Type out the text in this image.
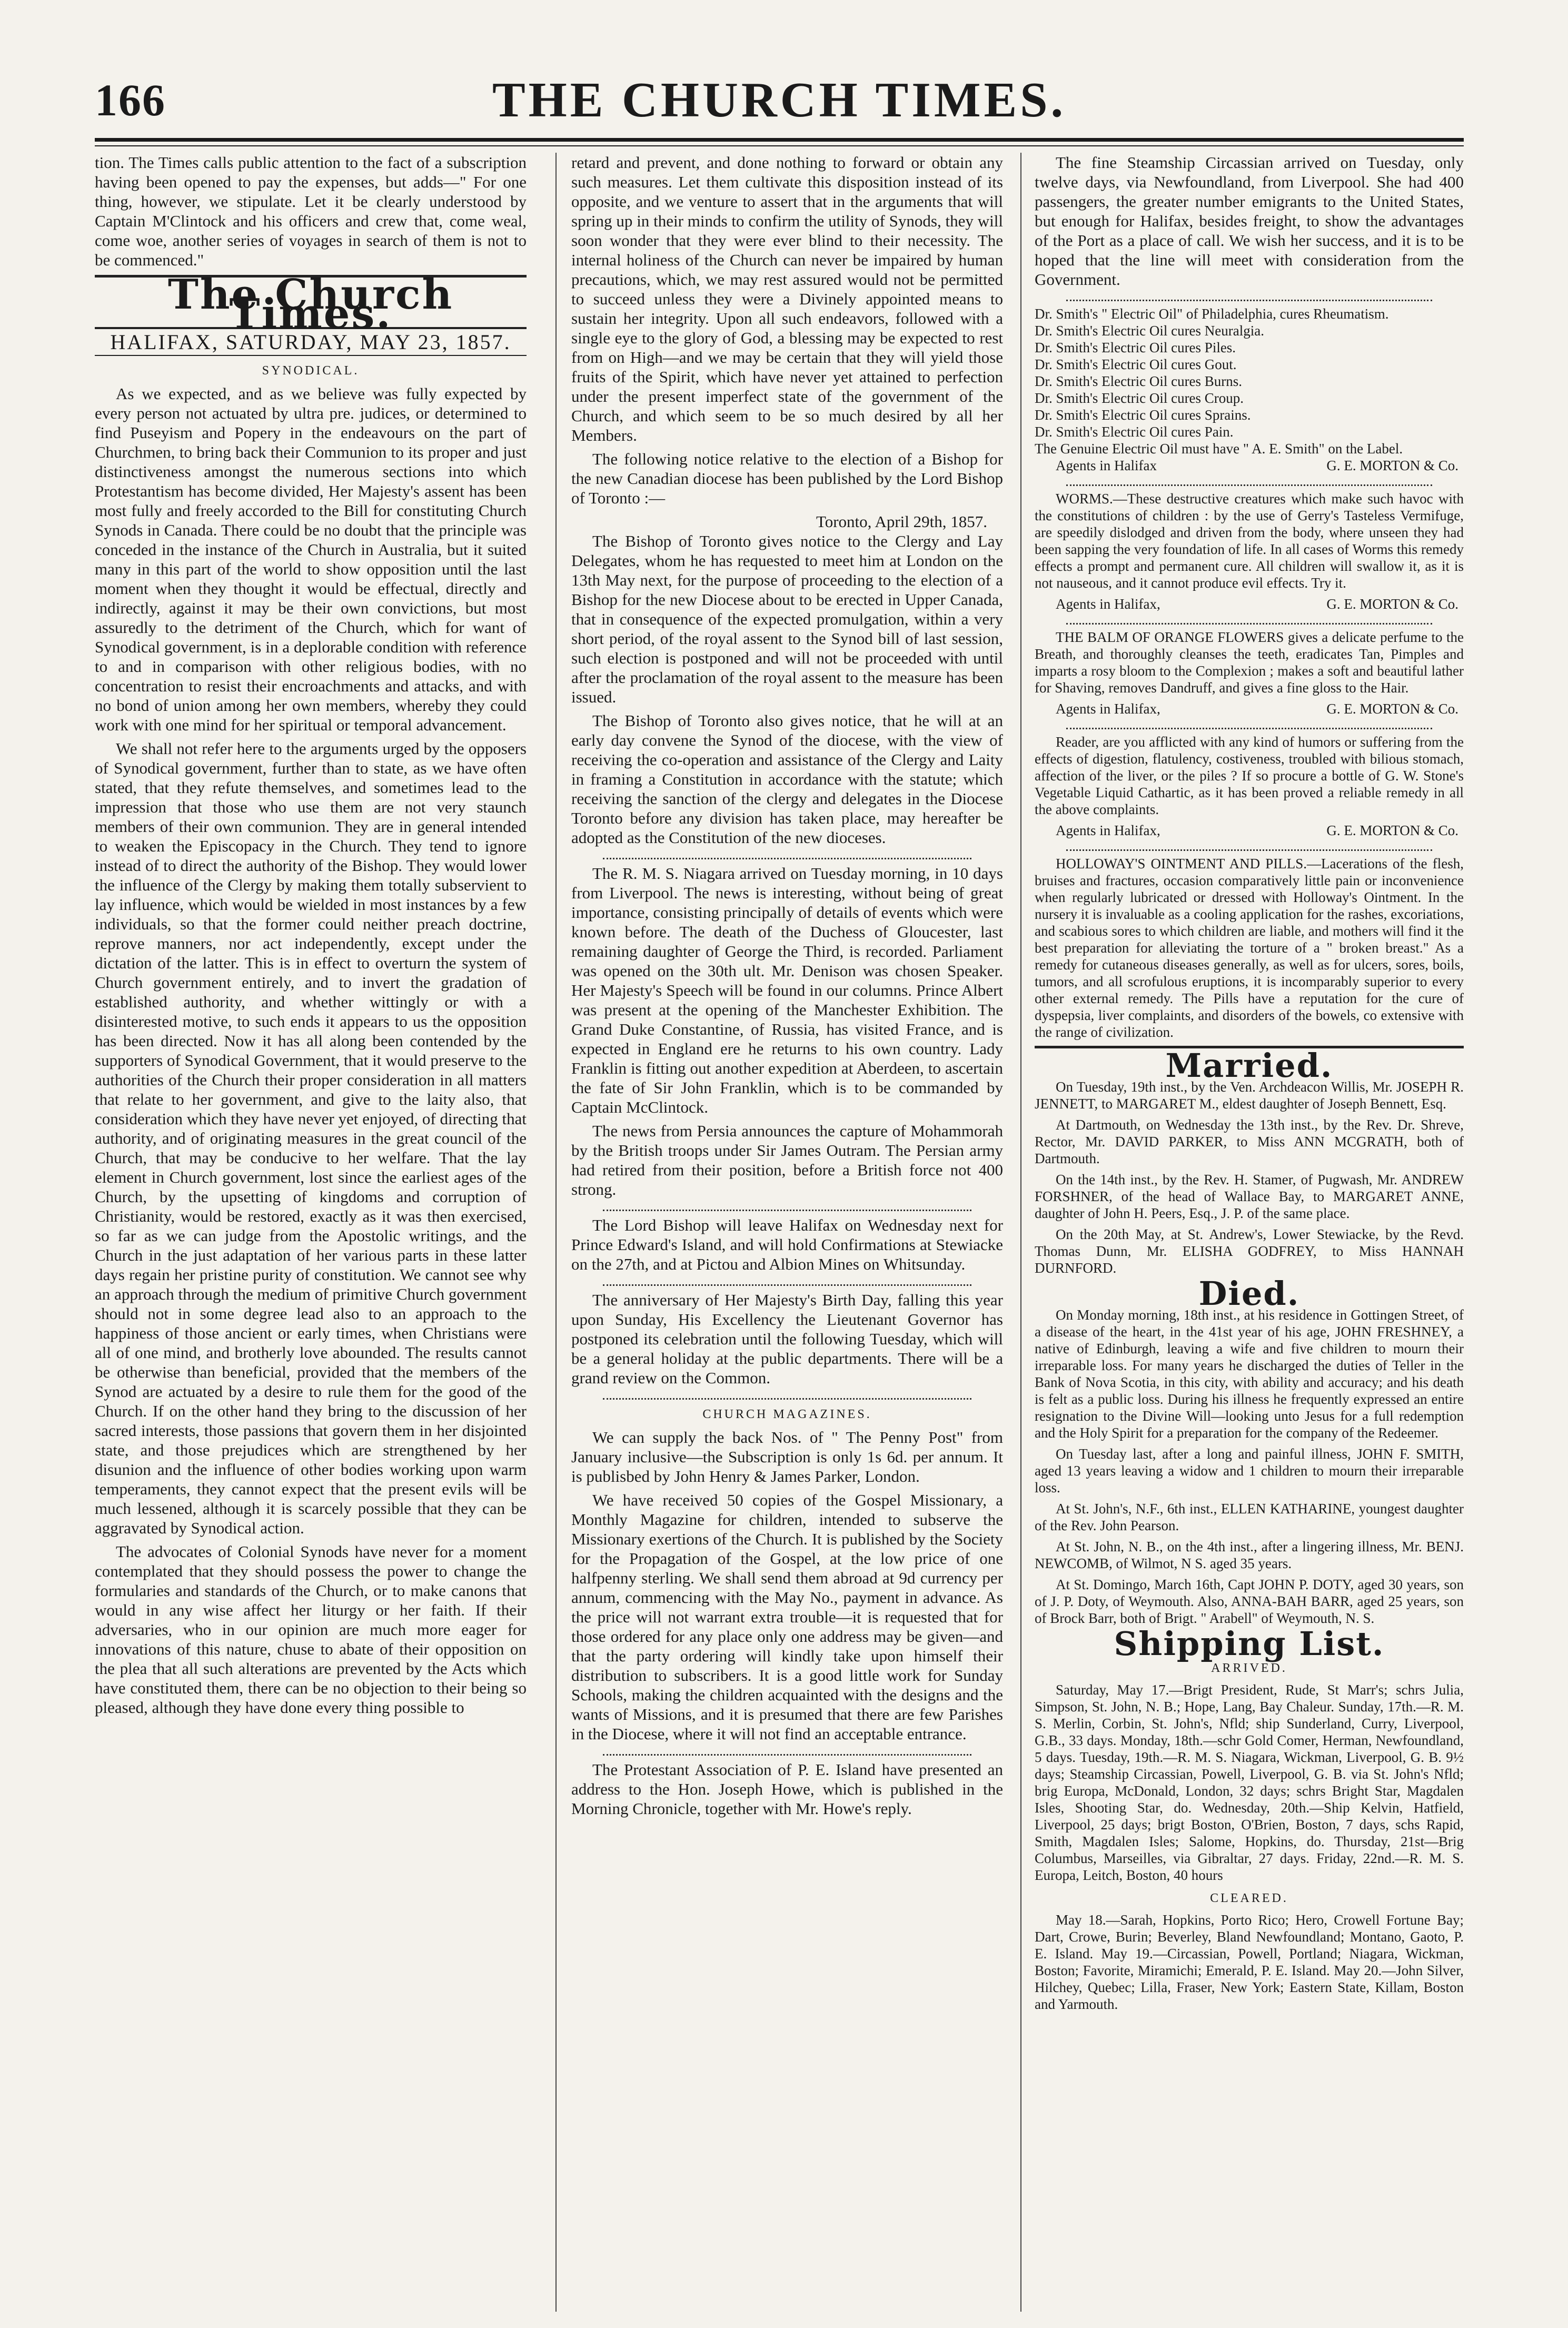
166	THE CHURCH TIMES.

tion. The Times calls public attention to the fact of a subscription having been opened to pay the expenses, but adds—" For one thing, however, we stipulate. Let it be clearly understood by Captain M'Clintock and his officers and crew that, come weal, come woe, another series of voyages in search of them is not to be commenced."

The Church Times.
HALIFAX, SATURDAY, MAY 23, 1857.
SYNODICAL.

As we expected, and as we believe was fully expected by every person not actuated by ultra pre. judices, or determined to find Puseyism and Popery in the endeavours on the part of Churchmen, to bring back their Communion to its proper and just distinctiveness amongst the numerous sections into which Protestantism has become divided, Her Majesty's assent has been most fully and freely accorded to the Bill for constituting Church Synods in Canada. There could be no doubt that the principle was conceded in the instance of the Church in Australia, but it suited many in this part of the world to show opposition until the last moment when they thought it would be effectual, directly and indirectly, against it may be their own convictions, but most assuredly to the detriment of the Church, which for want of Synodical government, is in a deplorable condition with reference to and in comparison with other religious bodies, with no concentration to resist their encroachments and attacks, and with no bond of union among her own members, whereby they could work with one mind for her spiritual or temporal advancement.

We shall not refer here to the arguments urged by the opposers of Synodical government, further than to state, as we have often stated, that they refute themselves, and sometimes lead to the impression that those who use them are not very staunch members of their own communion. They are in general intended to weaken the Episcopacy in the Church. They tend to ignore instead of to direct the authority of the Bishop. They would lower the influence of the Clergy by making them totally subservient to lay influence, which would be wielded in most instances by a few individuals, so that the former could neither preach doctrine, reprove manners, nor act independently, except under the dictation of the latter. This is in effect to overturn the system of Church government entirely, and to invert the gradation of established authority, and whether wittingly or with a disinterested motive, to such ends it appears to us the opposition has been directed. Now it has all along been contended by the supporters of Synodical Government, that it would preserve to the authorities of the Church their proper consideration in all matters that relate to her government, and give to the laity also, that consideration which they have never yet enjoyed, of directing that authority, and of originating measures in the great council of the Church, that may be conducive to her welfare. That the lay element in Church government, lost since the earliest ages of the Church, by the upsetting of kingdoms and corruption of Christianity, would be restored, exactly as it was then exercised, so far as we can judge from the Apostolic writings, and the Church in the just adaptation of her various parts in these latter days regain her pristine purity of constitution. We cannot see why an approach through the medium of primitive Church government should not in some degree lead also to an approach to the happiness of those ancient or early times, when Christians were all of one mind, and brotherly love abounded. The results cannot be otherwise than beneficial, provided that the members of the Synod are actuated by a desire to rule them for the good of the Church. If on the other hand they bring to the discussion of her sacred interests, those passions that govern them in her disjointed state, and those prejudices which are strengthened by her disunion and the influence of other bodies working upon warm temperaments, they cannot expect that the present evils will be much lessened, although it is scarcely possible that they can be aggravated by Synodical action.

The advocates of Colonial Synods have never for a moment contemplated that they should possess the power to change the formularies and standards of the Church, or to make canons that would in any wise affect her liturgy or her faith. If their adversaries, who in our opinion are much more eager for innovations of this nature, chuse to abate of their opposition on the plea that all such alterations are prevented by the Acts which have constituted them, there can be no objection to their being so pleased, although they have done every thing possible to

retard and prevent, and done nothing to forward or obtain any such measures. Let them cultivate this disposition instead of its opposite, and we venture to assert that in the arguments that will spring up in their minds to confirm the utility of Synods, they will soon wonder that they were ever blind to their necessity. The internal holiness of the Church can never be impaired by human precautions, which, we may rest assured would not be permitted to succeed unless they were a Divinely appointed means to sustain her integrity. Upon all such endeavors, followed with a single eye to the glory of God, a blessing may be expected to rest from on High—and we may be certain that they will yield those fruits of the Spirit, which have never yet attained to perfection under the present imperfect state of the government of the Church, and which seem to be so much desired by all her Members.

The following notice relative to the election of a Bishop for the new Canadian diocese has been published by the Lord Bishop of Toronto :—

Toronto, April 29th, 1857.

The Bishop of Toronto gives notice to the Clergy and Lay Delegates, whom he has requested to meet him at London on the 13th May next, for the purpose of proceeding to the election of a Bishop for the new Diocese about to be erected in Upper Canada, that in consequence of the expected promulgation, within a very short period, of the royal assent to the Synod bill of last session, such election is postponed and will not be proceeded with until after the proclamation of the royal assent to the measure has been issued.

The Bishop of Toronto also gives notice, that he will at an early day convene the Synod of the diocese, with the view of receiving the co-operation and assistance of the Clergy and Laity in framing a Constitution in accordance with the statute; which receiving the sanction of the clergy and delegates in the Diocese Toronto before any division has taken place, may hereafter be adopted as the Constitution of the new dioceses.

The R. M. S. Niagara arrived on Tuesday morning, in 10 days from Liverpool. The news is interesting, without being of great importance, consisting principally of details of events which were known before. The death of the Duchess of Gloucester, last remaining daughter of George the Third, is recorded. Parliament was opened on the 30th ult. Mr. Denison was chosen Speaker. Her Majesty's Speech will be found in our columns. Prince Albert was present at the opening of the Manchester Exhibition. The Grand Duke Constantine, of Russia, has visited France, and is expected in England ere he returns to his own country. Lady Franklin is fitting out another expedition at Aberdeen, to ascertain the fate of Sir John Franklin, which is to be commanded by Captain McClintock.

The news from Persia announces the capture of Mohammorah by the British troops under Sir James Outram. The Persian army had retired from their position, before a British force not 400 strong.

The Lord Bishop will leave Halifax on Wednesday next for Prince Edward's Island, and will hold Confirmations at Stewiacke on the 27th, and at Pictou and Albion Mines on Whitsunday.

The anniversary of Her Majesty's Birth Day, falling this year upon Sunday, His Excellency the Lieutenant Governor has postponed its celebration until the following Tuesday, which will be a general holiday at the public departments. There will be a grand review on the Common.

CHURCH MAGAZINES.

We can supply the back Nos. of " The Penny Post" from January inclusive—the Subscription is only 1s 6d. per annum. It is publisbed by John Henry & James Parker, London.

We have received 50 copies of the Gospel Missionary, a Monthly Magazine for children, intended to subserve the Missionary exertions of the Church. It is published by the Society for the Propagation of the Gospel, at the low price of one halfpenny sterling. We shall send them abroad at 9d currency per annum, commencing with the May No., payment in advance. As the price will not warrant extra trouble—it is requested that for those ordered for any place only one address may be given—and that the party ordering will kindly take upon himself their distribution to subscribers. It is a good little work for Sunday Schools, making the children acquainted with the designs and the wants of Missions, and it is presumed that there are few Parishes in the Diocese, where it will not find an acceptable entrance.

The Protestant Association of P. E. Island have presented an address to the Hon. Joseph Howe, which is published in the Morning Chronicle, together with Mr. Howe's reply.

The fine Steamship Circassian arrived on Tuesday, only twelve days, via Newfoundland, from Liverpool. She had 400 passengers, the greater number emigrants to the United States, but enough for Halifax, besides freight, to show the advantages of the Port as a place of call. We wish her success, and it is to be hoped that the line will meet with consideration from the Government.

Dr. Smith's " Electric Oil" of Philadelphia, cures Rheumatism.
Dr. Smith's Electric Oil cures Neuralgia.
Dr. Smith's Electric Oil cures Piles.
Dr. Smith's Electric Oil cures Gout.
Dr. Smith's Electric Oil cures Burns.
Dr. Smith's Electric Oil cures Croup.
Dr. Smith's Electric Oil cures Sprains.
Dr. Smith's Electric Oil cures Pain.
The Genuine Electric Oil must have " A. E. Smith" on the Label.
Agents in Halifax	G. E. MORTON & Co.

WORMS.—These destructive creatures which make such havoc with the constitutions of children : by the use of Gerry's Tasteless Vermifuge, are speedily dislodged and driven from the body, where unseen they had been sapping the very foundation of life. In all cases of Worms this remedy effects a prompt and permanent cure. All children will swallow it, as it is not nauseous, and it cannot produce evil effects. Try it.

Agents in Halifax,	G. E. MORTON & Co.

THE BALM OF ORANGE FLOWERS gives a delicate perfume to the Breath, and thoroughly cleanses the teeth, eradicates Tan, Pimples and imparts a rosy bloom to the Complexion ; makes a soft and beautiful lather for Shaving, removes Dandruff, and gives a fine gloss to the Hair.

Agents in Halifax,	G. E. MORTON & Co.

Reader, are you afflicted with any kind of humors or suffering from the effects of digestion, flatulency, costiveness, troubled with bilious stomach, affection of the liver, or the piles ? If so procure a bottle of G. W. Stone's Vegetable Liquid Cathartic, as it has been proved a reliable remedy in all the above complaints.

Agents in Halifax,	G. E. MORTON & Co.

HOLLOWAY'S OINTMENT AND PILLS.—Lacerations of the flesh, bruises and fractures, occasion comparatively little pain or inconvenience when regularly lubricated or dressed with Holloway's Ointment. In the nursery it is invaluable as a cooling application for the rashes, excoriations, and scabious sores to which children are liable, and mothers will find it the best preparation for alleviating the torture of a " broken breast." As a remedy for cutaneous diseases generally, as well as for ulcers, sores, boils, tumors, and all scrofulous eruptions, it is incomparably superior to every other external remedy. The Pills have a reputation for the cure of dyspepsia, liver complaints, and disorders of the bowels, co extensive with the range of civilization.

Married.

On Tuesday, 19th inst., by the Ven. Archdeacon Willis, Mr. JOSEPH R. JENNETT, to MARGARET M., eldest daughter of Joseph Bennett, Esq.

At Dartmouth, on Wednesday the 13th inst., by the Rev. Dr. Shreve, Rector, Mr. DAVID PARKER, to Miss ANN MCGRATH, both of Dartmouth.

On the 14th inst., by the Rev. H. Stamer, of Pugwash, Mr. ANDREW FORSHNER, of the head of Wallace Bay, to MARGARET ANNE, daughter of John H. Peers, Esq., J. P. of the same place.

On the 20th May, at St. Andrew's, Lower Stewiacke, by the Revd. Thomas Dunn, Mr. ELISHA GODFREY, to Miss HANNAH DURNFORD.

Died.

On Monday morning, 18th inst., at his residence in Gottingen Street, of a disease of the heart, in the 41st year of his age, JOHN FRESHNEY, a native of Edinburgh, leaving a wife and five children to mourn their irreparable loss. For many years he discharged the duties of Teller in the Bank of Nova Scotia, in this city, with ability and accuracy; and his death is felt as a public loss. During his illness he frequently expressed an entire resignation to the Divine Will—looking unto Jesus for a full redemption and the Holy Spirit for a preparation for the company of the Redeemer.

On Tuesday last, after a long and painful illness, JOHN F. SMITH, aged 13 years leaving a widow and 1 children to mourn their irreparable loss.

At St. John's, N.F., 6th inst., ELLEN KATHARINE, youngest daughter of the Rev. John Pearson.

At St. John, N. B., on the 4th inst., after a lingering illness, Mr. BENJ. NEWCOMB, of Wilmot, N S. aged 35 years.

At St. Domingo, March 16th, Capt JOHN P. DOTY, aged 30 years, son of J. P. Doty, of Weymouth. Also, ANNA-BAH BARR, aged 25 years, son of Brock Barr, both of Brigt. " Arabell" of Weymouth, N. S.

Shipping List.
ARRIVED.

Saturday, May 17.—Brigt President, Rude, St Marr's; schrs Julia, Simpson, St. John, N. B.; Hope, Lang, Bay Chaleur. Sunday, 17th.—R. M. S. Merlin, Corbin, St. John's, Nfld; ship Sunderland, Curry, Liverpool, G.B., 33 days. Monday, 18th.—schr Gold Comer, Herman, Newfoundland, 5 days. Tuesday, 19th.—R. M. S. Niagara, Wickman, Liverpool, G. B. 9½ days; Steamship Circassian, Powell, Liverpool, G. B. via St. John's Nfld; brig Europa, McDonald, London, 32 days; schrs Bright Star, Magdalen Isles, Shooting Star, do. Wednesday, 20th.—Ship Kelvin, Hatfield, Liverpool, 25 days; brigt Boston, O'Brien, Boston, 7 days, schs Rapid, Smith, Magdalen Isles; Salome, Hopkins, do. Thursday, 21st—Brig Columbus, Marseilles, via Gibraltar, 27 days. Friday, 22nd.—R. M. S. Europa, Leitch, Boston, 40 hours

CLEARED.

May 18.—Sarah, Hopkins, Porto Rico; Hero, Crowell Fortune Bay; Dart, Crowe, Burin; Beverley, Bland Newfoundland; Montano, Gaoto, P. E. Island. May 19.—Circassian, Powell, Portland; Niagara, Wickman, Boston; Favorite, Miramichi; Emerald, P. E. Island. May 20.—John Silver, Hilchey, Quebec; Lilla, Fraser, New York; Eastern State, Killam, Boston and Yarmouth.
